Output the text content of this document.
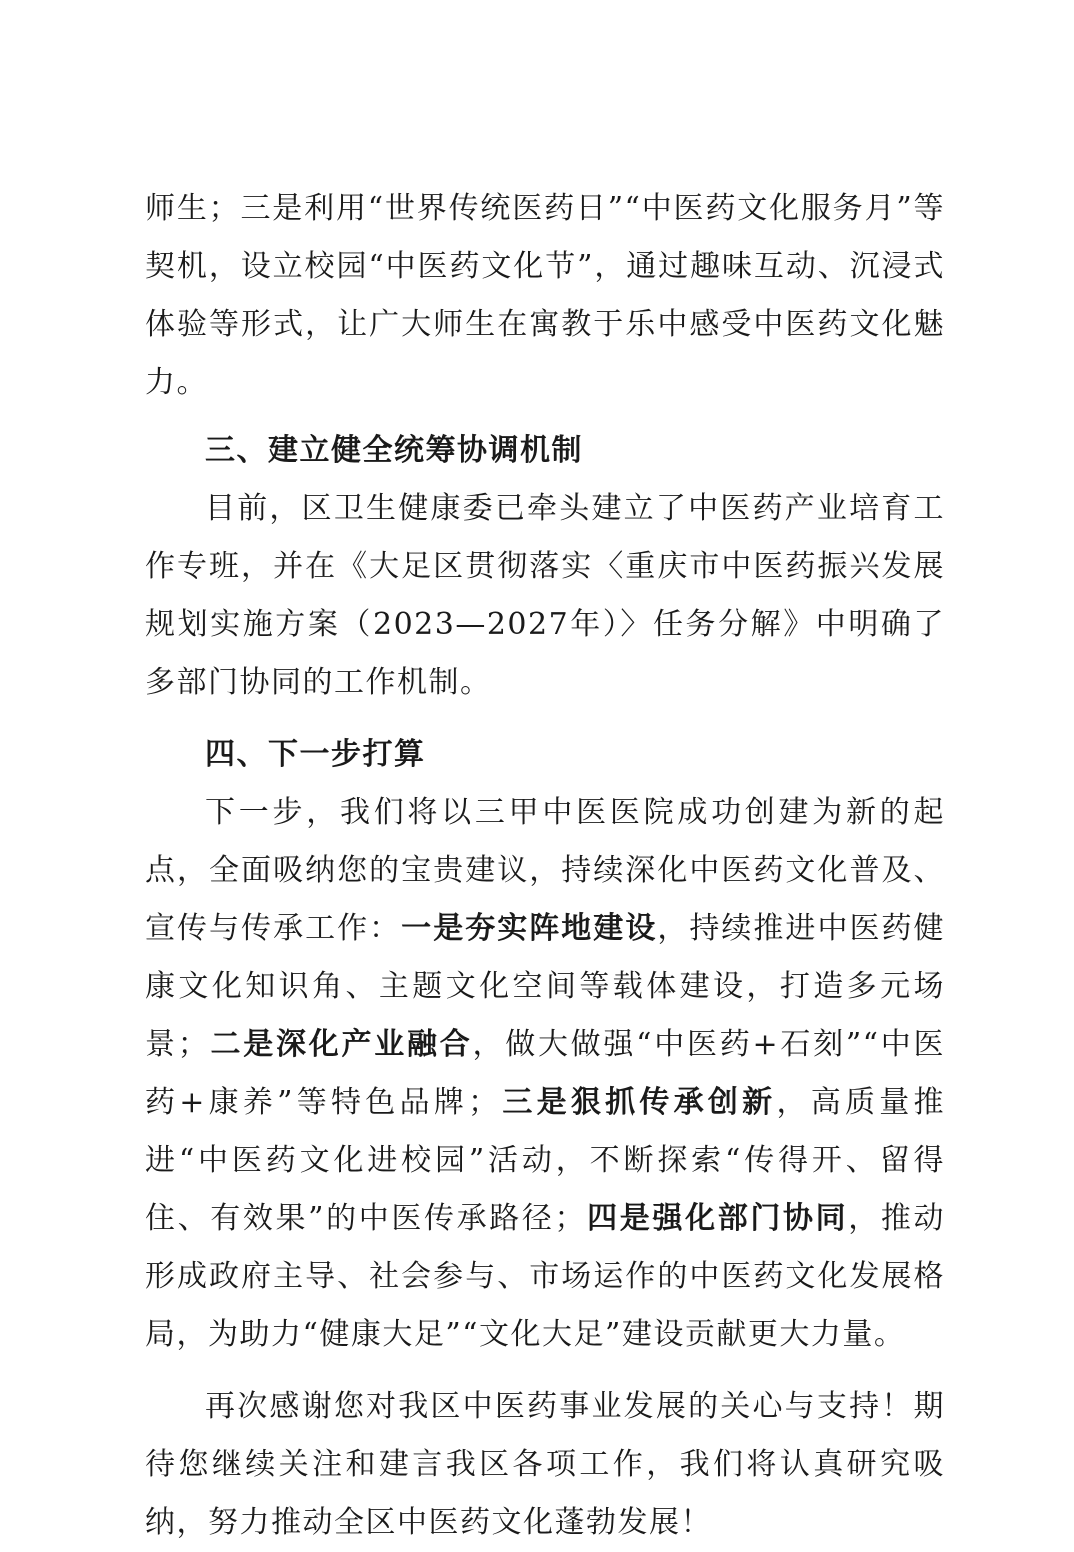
师生；三是利用“世界传统医药日”“中医药文化服务月”等契机，设立校园“中医药文化节”，通过趣味互动、沉浸式体验等形式，让广大师生在寓教于乐中感受中医药文化魅力。

三、建立健全统筹协调机制

目前，区卫生健康委已牵头建立了中医药产业培育工作专班，并在《大足区贯彻落实〈重庆市中医药振兴发展规划实施方案（2023—2027年）〉任务分解》中明确了多部门协同的工作机制。

四、下一步打算

下一步，我们将以三甲中医医院成功创建为新的起点，全面吸纳您的宝贵建议，持续深化中医药文化普及、宣传与传承工作：一是夯实阵地建设，持续推进中医药健康文化知识角、主题文化空间等载体建设，打造多元场景；二是深化产业融合，做大做强“中医药+石刻”“中医药+康养”等特色品牌；三是狠抓传承创新，高质量推进“中医药文化进校园”活动，不断探索“传得开、留得住、有效果”的中医传承路径；四是强化部门协同，推动形成政府主导、社会参与、市场运作的中医药文化发展格局，为助力“健康大足”“文化大足”建设贡献更大力量。

再次感谢您对我区中医药事业发展的关心与支持！期待您继续关注和建言我区各项工作，我们将认真研究吸纳，努力推动全区中医药文化蓬勃发展！
